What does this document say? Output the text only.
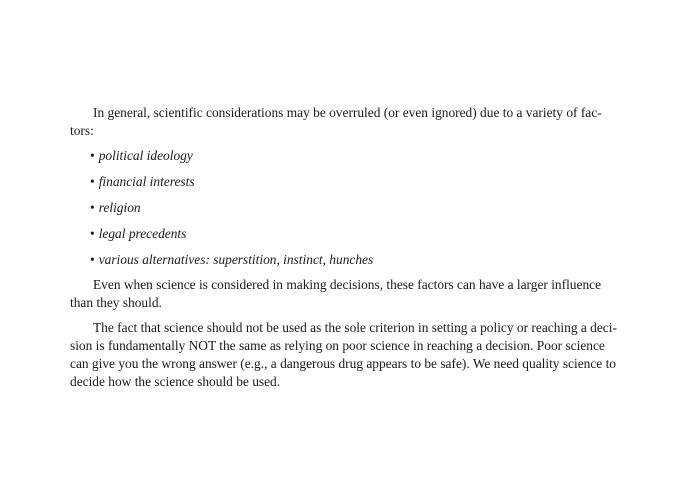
In general, scientific considerations may be overruled (or even ignored) due to a variety of fac-
tors:
• political ideology
• financial interests
• religion
• legal precedents
• various alternatives: superstition, instinct, hunches
Even when science is considered in making decisions, these factors can have a larger influence
than they should.
The fact that science should not be used as the sole criterion in setting a policy or reaching a deci-
sion is fundamentally NOT the same as relying on poor science in reaching a decision. Poor science
can give you the wrong answer (e.g., a dangerous drug appears to be safe). We need quality science to
decide how the science should be used.
